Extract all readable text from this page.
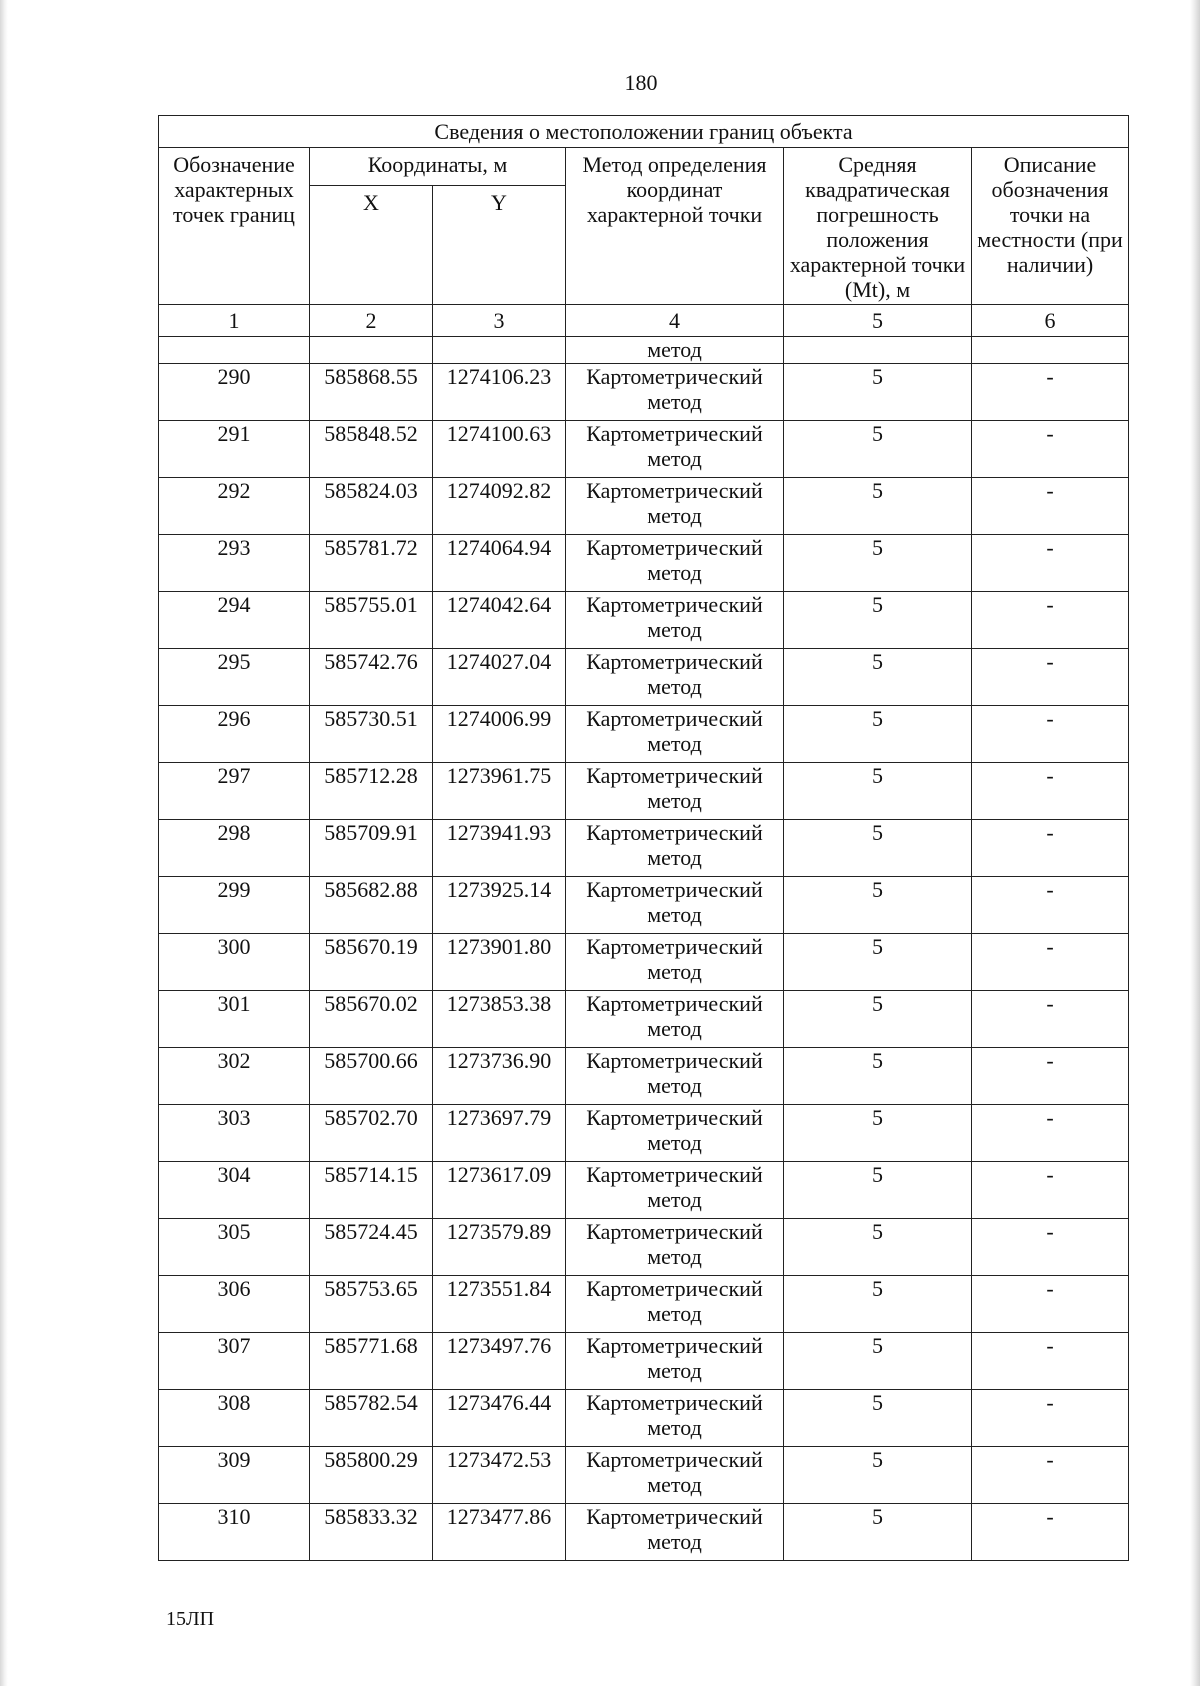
180
Сведения о местоположении границ объекта					
Обозначение характерных точек границ	Координаты, м		Метод определения координат характерной точки	Средняя квадратическая погрешность положения характерной точки (Mt), м	Описание обозначения точки на местности (при наличии)
	X	Y			
1	2	3	4	5	6
			метод		
290	585868.55	1274106.23	Картометрический метод	5	-
291	585848.52	1274100.63	Картометрический метод	5	-
292	585824.03	1274092.82	Картометрический метод	5	-
293	585781.72	1274064.94	Картометрический метод	5	-
294	585755.01	1274042.64	Картометрический метод	5	-
295	585742.76	1274027.04	Картометрический метод	5	-
296	585730.51	1274006.99	Картометрический метод	5	-
297	585712.28	1273961.75	Картометрический метод	5	-
298	585709.91	1273941.93	Картометрический метод	5	-
299	585682.88	1273925.14	Картометрический метод	5	-
300	585670.19	1273901.80	Картометрический метод	5	-
301	585670.02	1273853.38	Картометрический метод	5	-
302	585700.66	1273736.90	Картометрический метод	5	-
303	585702.70	1273697.79	Картометрический метод	5	-
304	585714.15	1273617.09	Картометрический метод	5	-
305	585724.45	1273579.89	Картометрический метод	5	-
306	585753.65	1273551.84	Картометрический метод	5	-
307	585771.68	1273497.76	Картометрический метод	5	-
308	585782.54	1273476.44	Картометрический метод	5	-
309	585800.29	1273472.53	Картометрический метод	5	-
310	585833.32	1273477.86	Картометрический метод	5	-
15ЛП
